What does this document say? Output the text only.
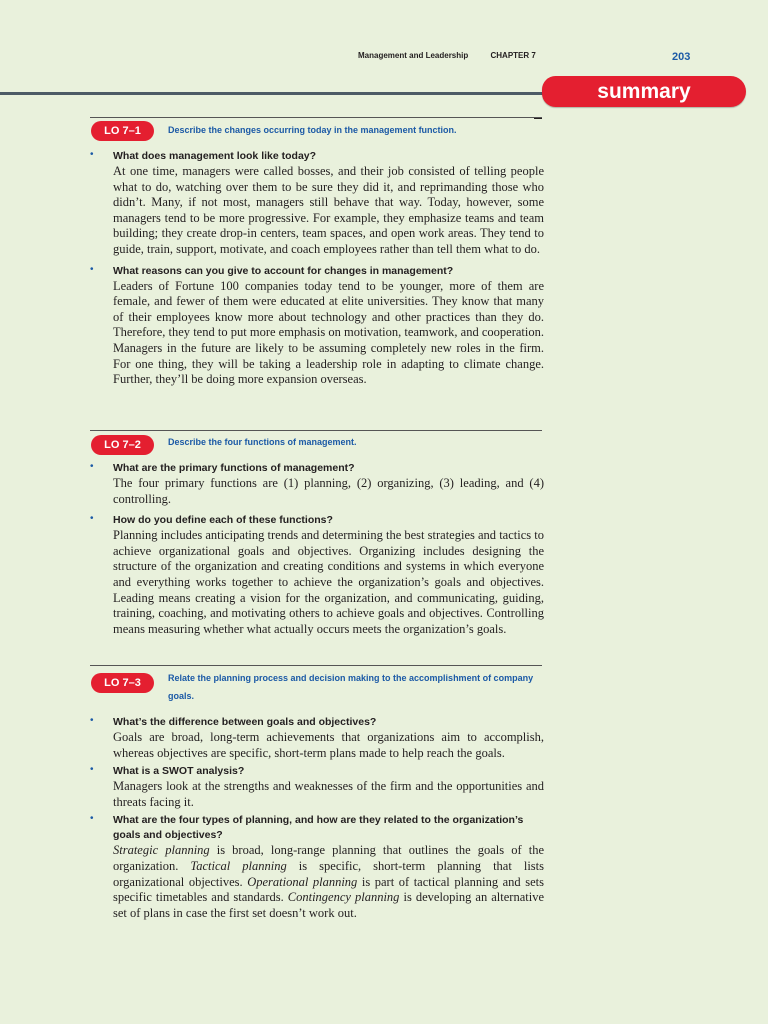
Management and Leadership	CHAPTER 7	203
summary
LO 7–1	Describe the changes occurring today in the management function.
• What does management look like today?
At one time, managers were called bosses, and their job consisted of telling people what to do, watching over them to be sure they did it, and reprimanding those who didn’t. Many, if not most, managers still behave that way. Today, however, some managers tend to be more progressive. For example, they emphasize teams and team building; they create drop-in centers, team spaces, and open work areas. They tend to guide, train, support, motivate, and coach employees rather than tell them what to do.
• What reasons can you give to account for changes in management?
Leaders of Fortune 100 companies today tend to be younger, more of them are female, and fewer of them were educated at elite universities. They know that many of their employees know more about technology and other practices than they do. Therefore, they tend to put more emphasis on motivation, teamwork, and cooperation. Managers in the future are likely to be assuming completely new roles in the firm. For one thing, they will be taking a leadership role in adapting to climate change. Further, they’ll be doing more expansion overseas.
LO 7–2	Describe the four functions of management.
• What are the primary functions of management?
The four primary functions are (1) planning, (2) organizing, (3) leading, and (4) controlling.
• How do you define each of these functions?
Planning includes anticipating trends and determining the best strategies and tactics to achieve organizational goals and objectives. Organizing includes designing the structure of the organization and creating conditions and systems in which everyone and everything works together to achieve the organization’s goals and objectives. Leading means creating a vision for the organization, and communicating, guiding, training, coaching, and motivating others to achieve goals and objectives. Controlling means measuring whether what actually occurs meets the organization’s goals.
LO 7–3	Relate the planning process and decision making to the accomplishment of company goals.
• What’s the difference between goals and objectives?
Goals are broad, long-term achievements that organizations aim to accomplish, whereas objectives are specific, short-term plans made to help reach the goals.
• What is a SWOT analysis?
Managers look at the strengths and weaknesses of the firm and the opportunities and threats facing it.
• What are the four types of planning, and how are they related to the organization’s goals and objectives?
Strategic planning is broad, long-range planning that outlines the goals of the organization. Tactical planning is specific, short-term planning that lists organizational objectives. Operational planning is part of tactical planning and sets specific timetables and standards. Contingency planning is developing an alternative set of plans in case the first set doesn’t work out.
